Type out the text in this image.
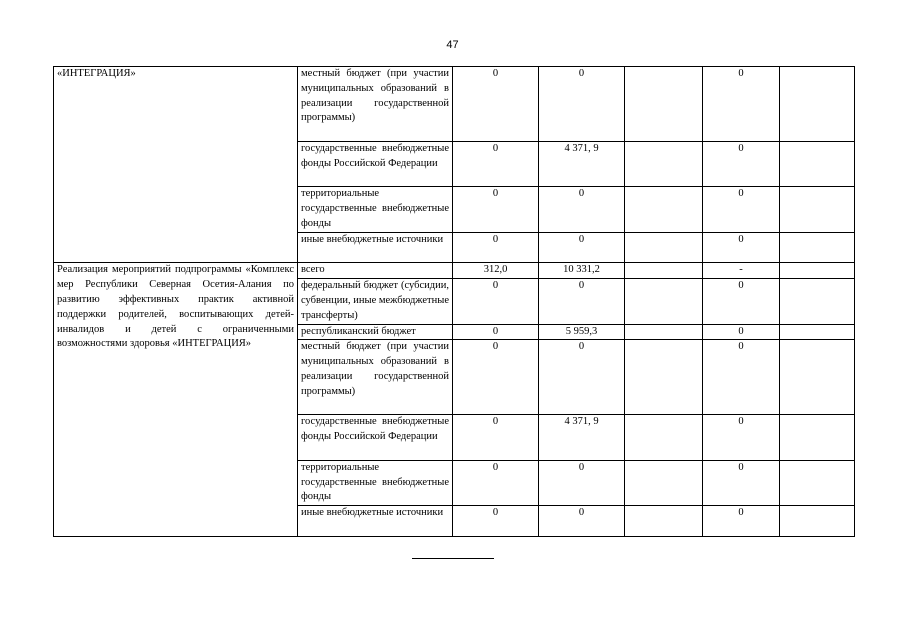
47
«ИНТЕГРАЦИЯ»	местный бюджет (при участии муниципальных образований в реализации государственной программы)	0	0		0	

	государственные внебюджетные фонды Российской Федерации	0	4 371, 9		0	

	территориальные государственные внебюджетные фонды	0	0		0	

	иные внебюджетные источники	0	0		0	

Реализация мероприятий подпрограммы «Комплекс мер Республики Северная Осетия-Алания по развитию эффективных практик активной поддержки родителей, воспитывающих детей-инвалидов и детей с ограниченными возможностями здоровья «ИНТЕГРАЦИЯ»	всего	312,0	10 331,2		-	

	федеральный бюджет (субсидии, субвенции, иные межбюджетные трансферты)	0	0		0	

	республиканский бюджет	0	5 959,3		0	

	местный бюджет (при участии муниципальных образований в реализации государственной программы)	0	0		0	

	государственные внебюджетные фонды Российской Федерации	0	4 371, 9		0	

	территориальные государственные внебюджетные фонды	0	0		0	

	иные внебюджетные источники	0	0		0	
